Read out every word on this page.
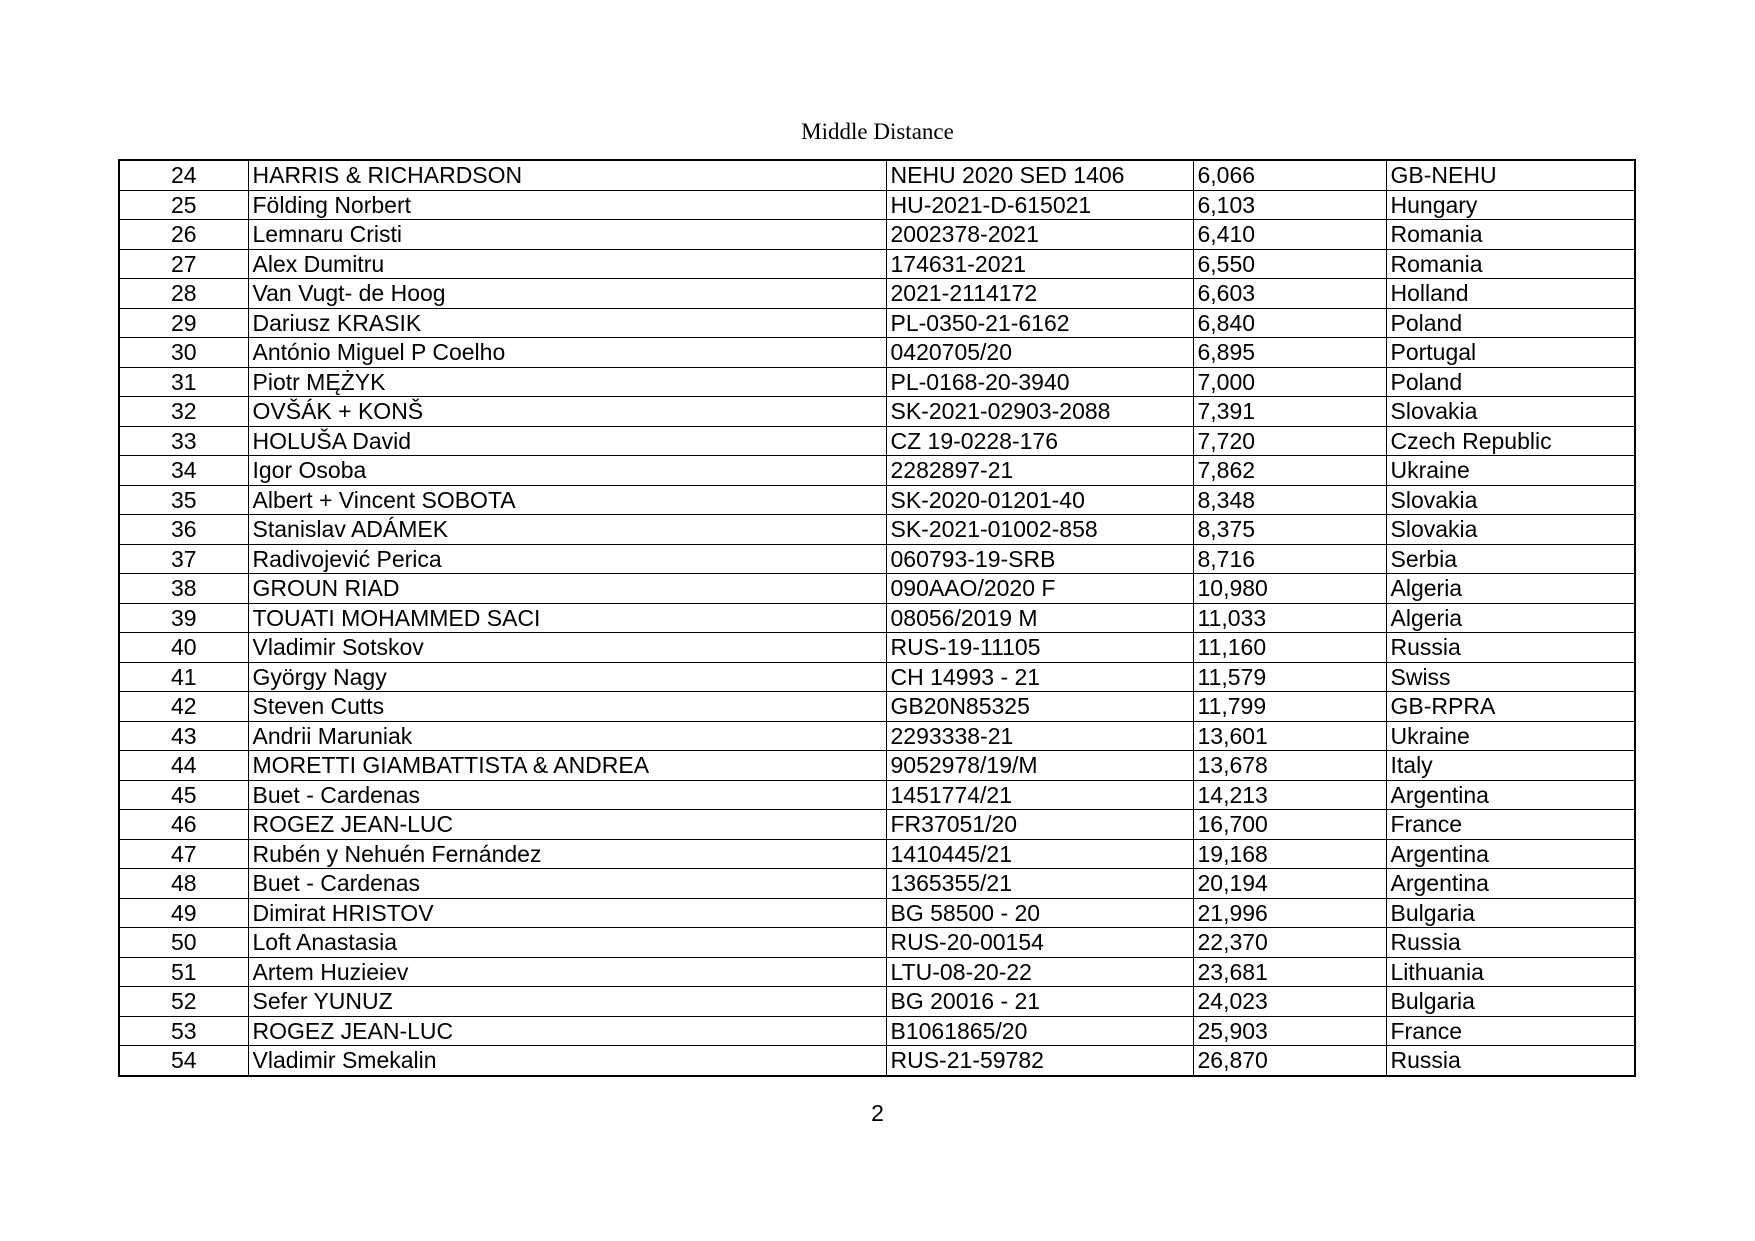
Middle Distance
24	HARRIS & RICHARDSON	NEHU 2020 SED 1406	6,066	GB-NEHU
25	Földing Norbert	HU-2021-D-615021	6,103	Hungary
26	Lemnaru Cristi	2002378-2021	6,410	Romania
27	Alex Dumitru	174631-2021	6,550	Romania
28	Van Vugt- de Hoog	2021-2114172	6,603	Holland
29	Dariusz KRASIK	PL-0350-21-6162	6,840	Poland
30	António Miguel P Coelho	0420705/20	6,895	Portugal
31	Piotr MĘŻYK	PL-0168-20-3940	7,000	Poland
32	OVŠÁK + KONŠ	SK-2021-02903-2088	7,391	Slovakia
33	HOLUŠA David	CZ 19-0228-176	7,720	Czech Republic
34	Igor Osoba	2282897-21	7,862	Ukraine
35	Albert + Vincent SOBOTA	SK-2020-01201-40	8,348	Slovakia
36	Stanislav ADÁMEK	SK-2021-01002-858	8,375	Slovakia
37	Radivojević Perica	060793-19-SRB	8,716	Serbia
38	GROUN RIAD	090AAO/2020 F	10,980	Algeria
39	TOUATI MOHAMMED SACI	08056/2019 M	11,033	Algeria
40	Vladimir Sotskov	RUS-19-11105	11,160	Russia
41	György Nagy	CH 14993 - 21	11,579	Swiss
42	Steven Cutts	GB20N85325	11,799	GB-RPRA
43	Andrii Maruniak	2293338-21	13,601	Ukraine
44	MORETTI GIAMBATTISTA & ANDREA	9052978/19/M	13,678	Italy
45	Buet - Cardenas	1451774/21	14,213	Argentina
46	ROGEZ JEAN-LUC	FR37051/20	16,700	France
47	Rubén y Nehuén Fernández	1410445/21	19,168	Argentina
48	Buet - Cardenas	1365355/21	20,194	Argentina
49	Dimirat HRISTOV	BG 58500 - 20	21,996	Bulgaria
50	Loft Anastasia	RUS-20-00154	22,370	Russia
51	Artem Huzieiev	LTU-08-20-22	23,681	Lithuania
52	Sefer YUNUZ	BG 20016 - 21	24,023	Bulgaria
53	ROGEZ JEAN-LUC	B1061865/20	25,903	France
54	Vladimir Smekalin	RUS-21-59782	26,870	Russia
2
